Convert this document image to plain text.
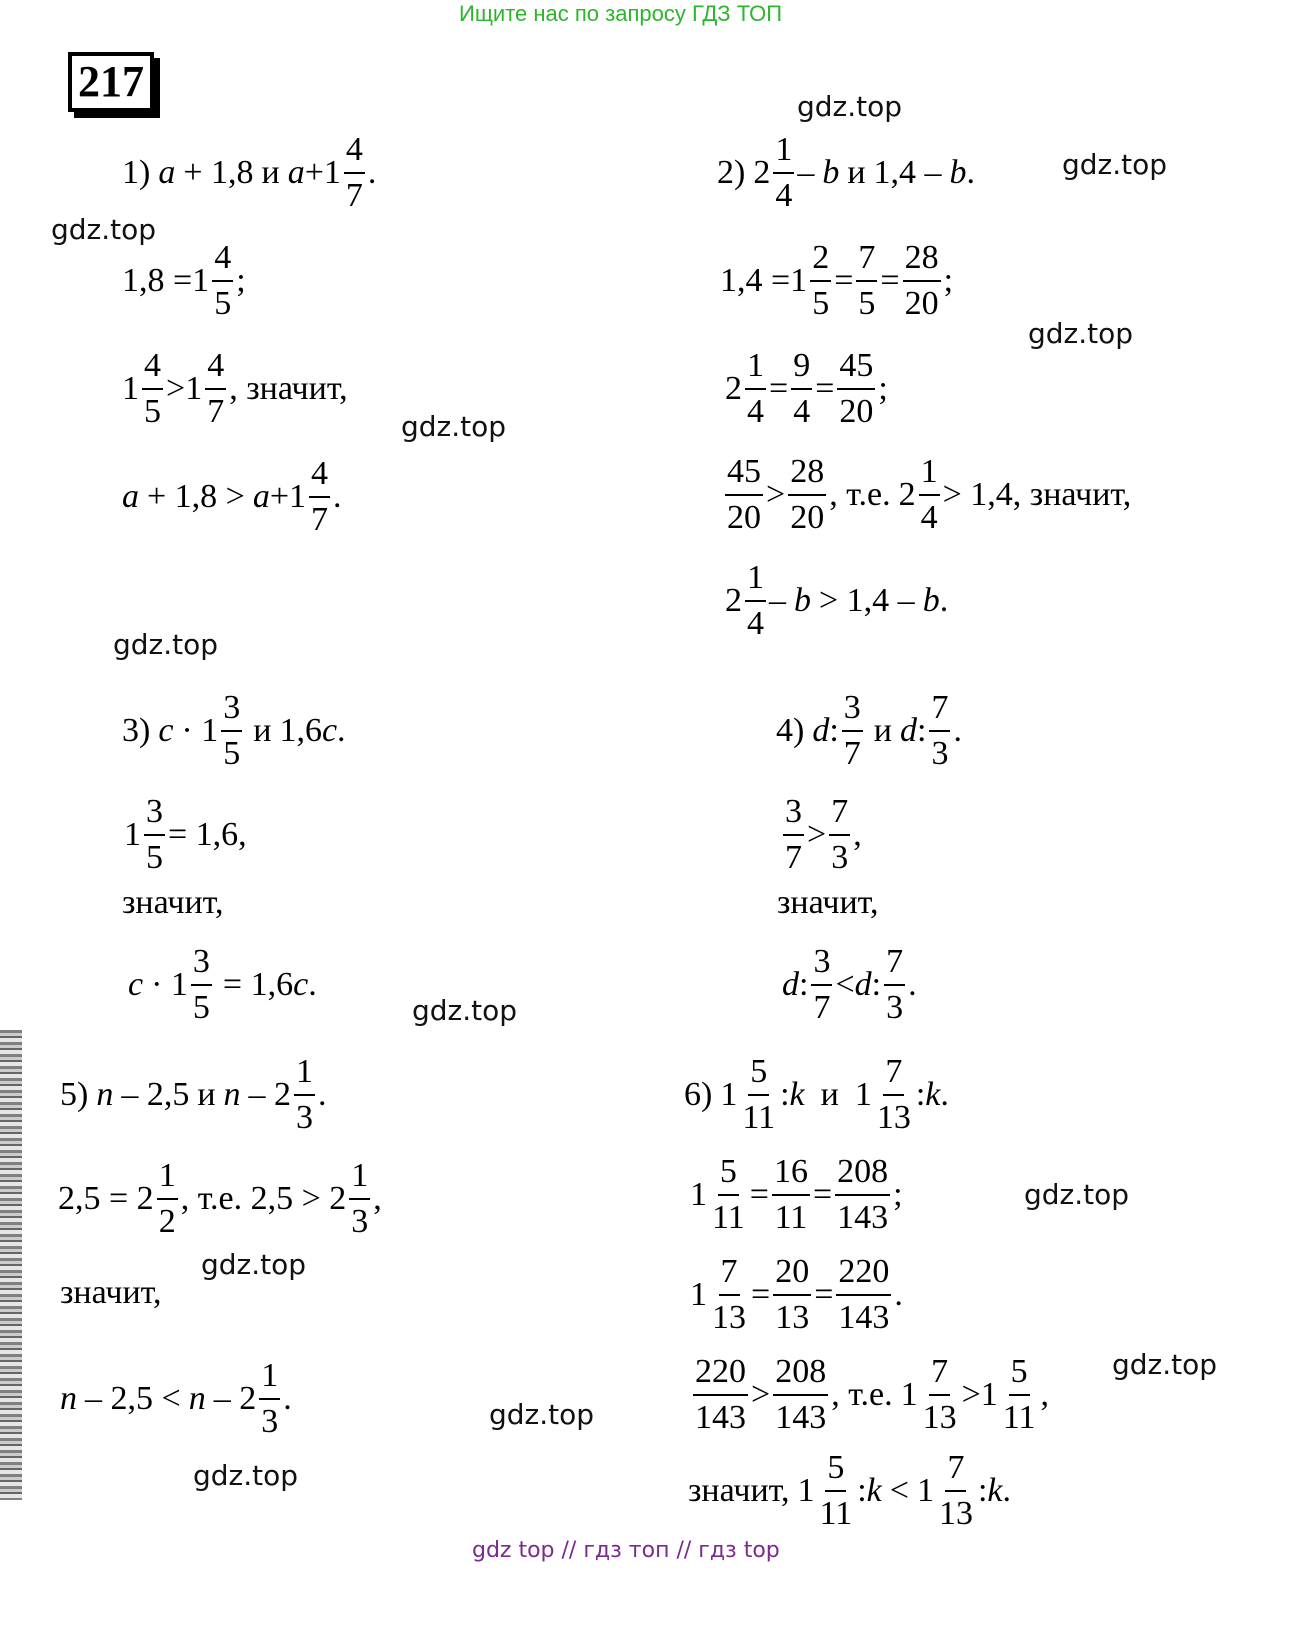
Ищите нас по запросу ГДЗ ТОП
217
gdz.top
gdz.top
gdz.top
gdz.top
gdz.top
gdz.top
gdz.top
gdz.top
gdz.top
gdz.top
gdz.top
gdz.top
1) a + 1,8 и $a +1 \frac{4}{7}$ .
$1,8 =1 \frac{4}{5}$ ;
$1 \frac{4}{5} > 1 \frac{4}{7}$ , значит,
$a + 1,8 > a +1 \frac{4}{7}$ .
2) $2 \frac{1}{4}$ – b и 1,4 – b .
$1,4 =1 \frac{2}{5} = \frac{7}{5} = \frac{28}{20}$ ;
$2 \frac{1}{4} = \frac{9}{4} = \frac{45}{20}$ ;
$\frac{45}{20} > \frac{28}{20}$ , т.е. $2 \frac{1}{4} > 1,4$, значит,
$2 \frac{1}{4} - b > 1,4 - b$ .
3) $c \cdot 1 \frac{3}{5}$ и 1,6 c .
$1 \frac{3}{5} = 1,6$,
значит,
$c \cdot 1 \frac{3}{5} = 1,6$ c .
4) d : $\frac{3}{7}$ и d : $\frac{7}{3}$ .
$\frac{3}{7} > \frac{7}{3}$ ,
значит,
d : $\frac{3}{7} < d$ : $\frac{7}{3}$ .
5) n – 2,5 и n – $2 \frac{1}{3}$ .
$2,5 = 2 \frac{1}{2}$ , т.е. $2,5 > 2 \frac{1}{3}$ ,
значит,
$n - 2,5 < n - 2 \frac{1}{3}$ .
6) $1 \frac{5}{11}$ : k и $1 \frac{7}{13}$ : k .
$1 \frac{5}{11} = \frac{16}{11} = \frac{208}{143}$ ;
$1 \frac{7}{13} = \frac{20}{13} = \frac{220}{143}$ .
$\frac{220}{143} > \frac{208}{143}$ , т.е. $1 \frac{7}{13} > 1 \frac{5}{11}$ ,
значит, $1 \frac{5}{11}$ : $k < 1 \frac{7}{13}$ : k .
gdz top // гдз топ // гдз top
